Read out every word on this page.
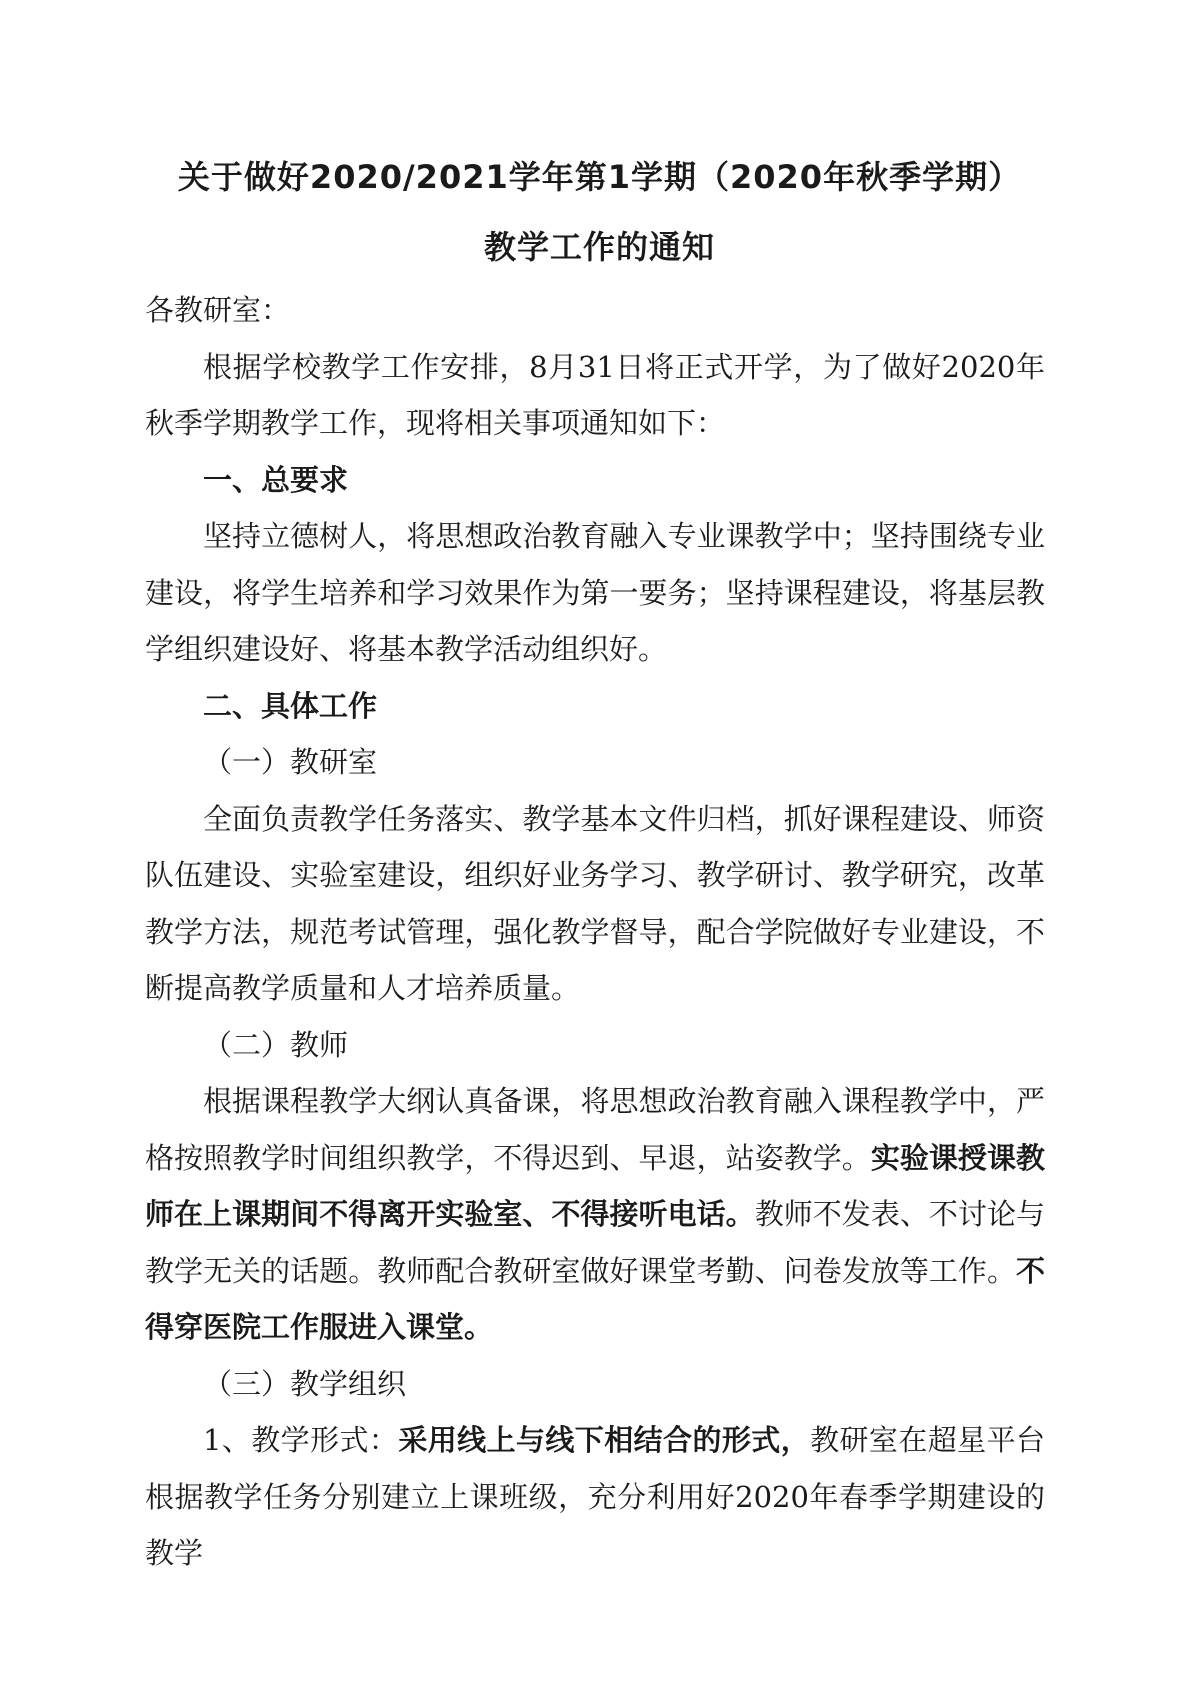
关于做好2020/2021学年第1学期（2020年秋季学期）
教学工作的通知

各教研室：

根据学校教学工作安排，8月31日将正式开学，为了做好2020年秋季学期教学工作，现将相关事项通知如下：

一、总要求

坚持立德树人，将思想政治教育融入专业课教学中；坚持围绕专业建设，将学生培养和学习效果作为第一要务；坚持课程建设，将基层教学组织建设好、将基本教学活动组织好。

二、具体工作

（一）教研室

全面负责教学任务落实、教学基本文件归档，抓好课程建设、师资队伍建设、实验室建设，组织好业务学习、教学研讨、教学研究，改革教学方法，规范考试管理，强化教学督导，配合学院做好专业建设，不断提高教学质量和人才培养质量。

（二）教师

根据课程教学大纲认真备课，将思想政治教育融入课程教学中，严格按照教学时间组织教学，不得迟到、早退，站姿教学。实验课授课教师在上课期间不得离开实验室、不得接听电话。教师不发表、不讨论与教学无关的话题。教师配合教研室做好课堂考勤、问卷发放等工作。不得穿医院工作服进入课堂。

（三）教学组织

1、教学形式：采用线上与线下相结合的形式，教研室在超星平台根据教学任务分别建立上课班级，充分利用好2020年春季学期建设的教学
